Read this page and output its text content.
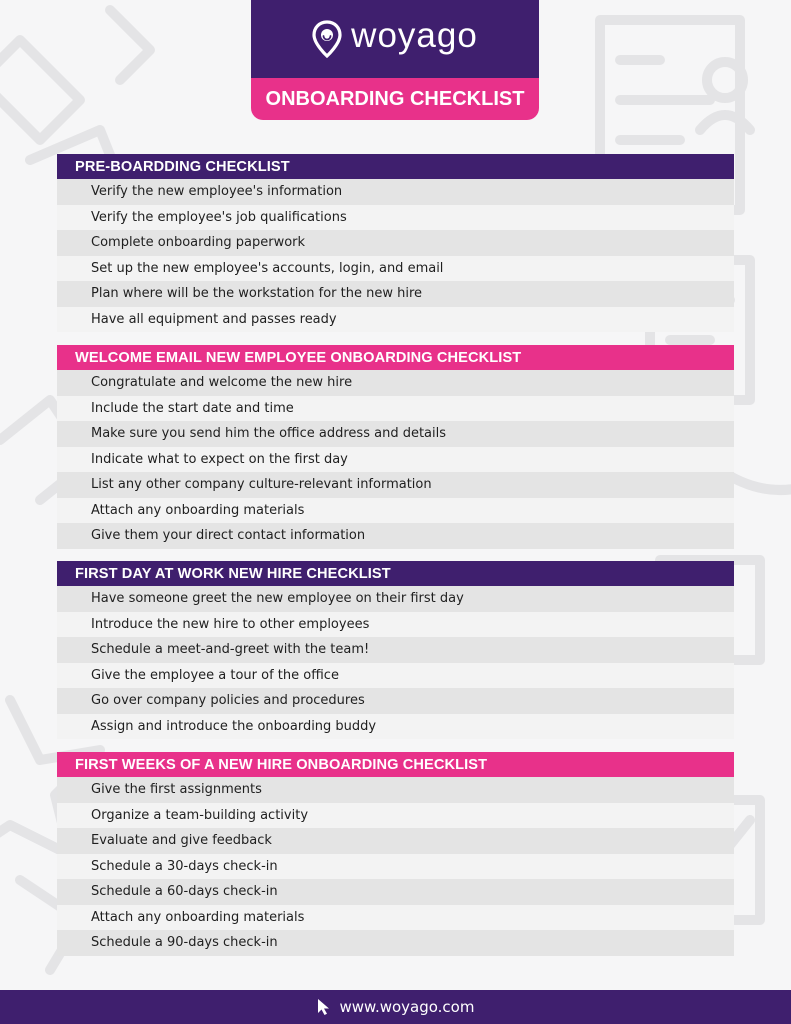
woyago
ONBOARDING CHECKLIST
PRE-BOARDDING CHECKLIST
Verify the new employee's information
Verify the employee's job qualifications
Complete onboarding paperwork
Set up the new employee's accounts, login, and email
Plan where will be the workstation for the new hire
Have all equipment and passes ready
WELCOME EMAIL NEW EMPLOYEE ONBOARDING CHECKLIST
Congratulate and welcome the new hire
Include the start date and time
Make sure you send him the office address and details
Indicate what to expect on the first day
List any other company culture-relevant information
Attach any onboarding materials
Give them your direct contact information
FIRST DAY AT WORK NEW HIRE CHECKLIST
Have someone greet the new employee on their first day
Introduce the new hire to other employees
Schedule a meet-and-greet with the team!
Give the employee a tour of the office
Go over company policies and procedures
Assign and introduce the onboarding buddy
FIRST WEEKS OF A NEW HIRE ONBOARDING CHECKLIST
Give the first assignments
Organize a team-building activity
Evaluate and give feedback
Schedule a 30-days check-in
Schedule a 60-days check-in
Attach any onboarding materials
Schedule a 90-days check-in
www.woyago.com
